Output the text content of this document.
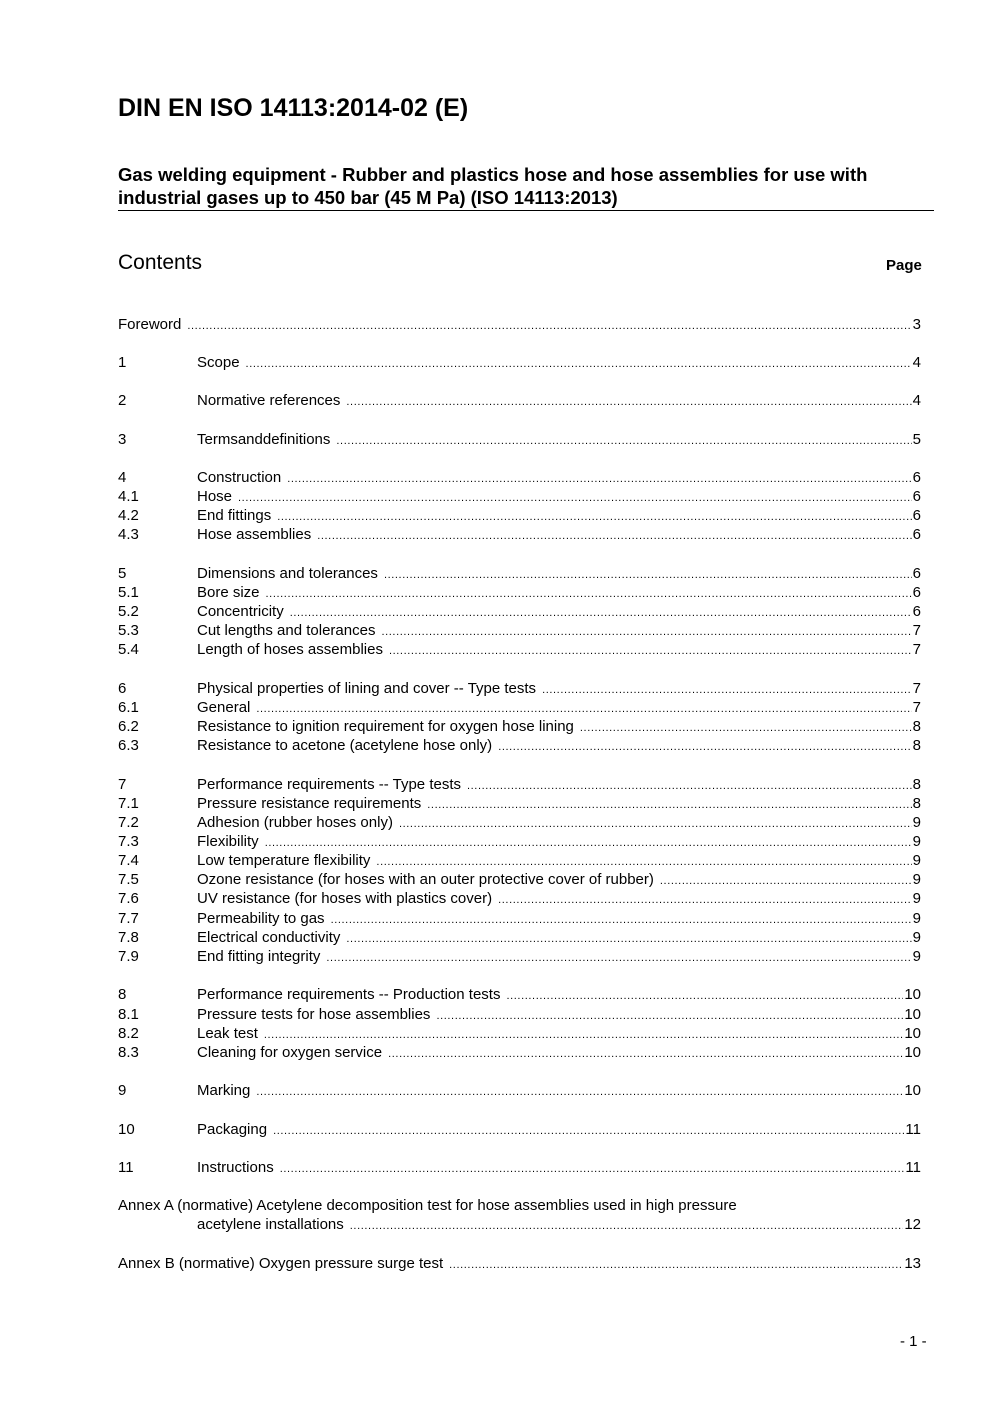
DIN EN ISO 14113:2014-02 (E)
Gas welding equipment - Rubber and plastics hose and hose assemblies for use with
industrial gases up to 450 bar (45 M Pa) (ISO 14113:2013)
Contents	Page
Foreword .....	3
1	Scope .....	4
2	Normative references .....	4
3	Termsanddefinitions .....	5
4	Construction .....	6
4.1	Hose .....	6
4.2	End fittings .....	6
4.3	Hose assemblies .....	6
5	Dimensions and tolerances .....	6
5.1	Bore size .....	6
5.2	Concentricity .....	6
5.3	Cut lengths and tolerances .....	7
5.4	Length of hoses assemblies .....	7
6	Physical properties of lining and cover -- Type tests .....	7
6.1	General .....	7
6.2	Resistance to ignition requirement for oxygen hose lining .....	8
6.3	Resistance to acetone (acetylene hose only) .....	8
7	Performance requirements -- Type tests .....	8
7.1	Pressure resistance requirements .....	8
7.2	Adhesion (rubber hoses only) .....	9
7.3	Flexibility .....	9
7.4	Low temperature flexibility .....	9
7.5	Ozone resistance (for hoses with an outer protective cover of rubber) .....	9
7.6	UV resistance (for hoses with plastics cover) .....	9
7.7	Permeability to gas .....	9
7.8	Electrical conductivity .....	9
7.9	End fitting integrity .....	9
8	Performance requirements -- Production tests .....	10
8.1	Pressure tests for hose assemblies .....	10
8.2	Leak test .....	10
8.3	Cleaning for oxygen service .....	10
9	Marking .....	10
10	Packaging .....	11
11	Instructions .....	11
Annex A (normative) Acetylene decomposition test for hose assemblies used in high pressure
acetylene installations .....	12
Annex B (normative) Oxygen pressure surge test .....	13
- 1 -
